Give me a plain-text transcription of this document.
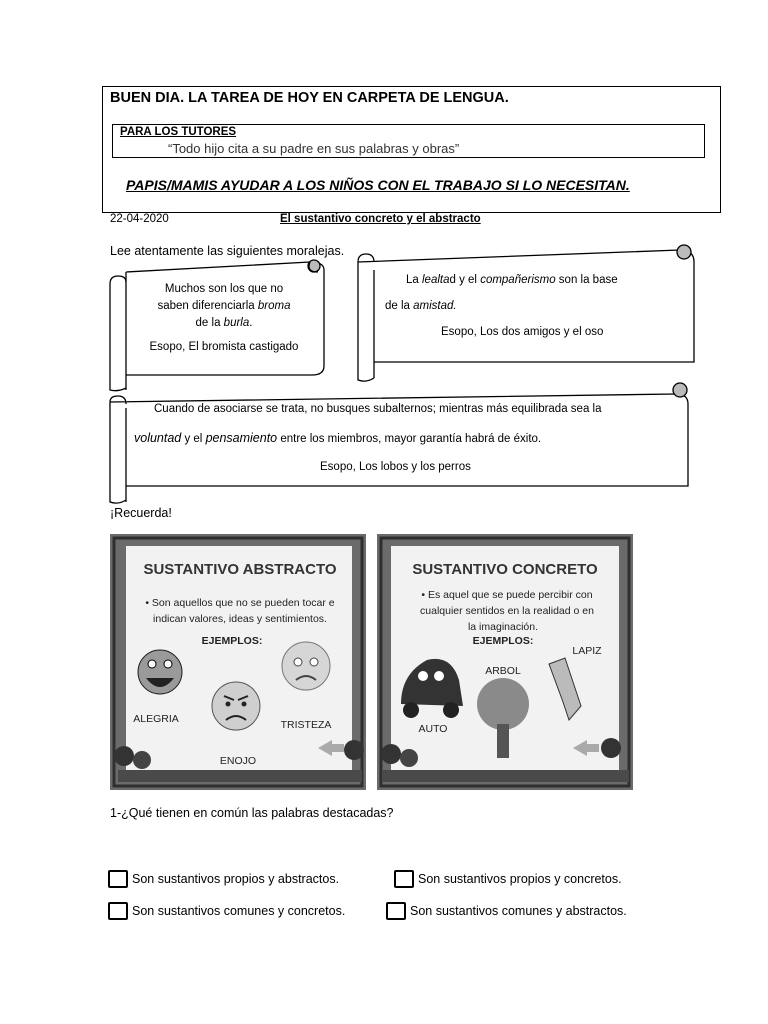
BUEN DIA. LA TAREA DE HOY EN CARPETA DE LENGUA.
PARA LOS TUTORES
“Todo hijo cita a su padre en sus palabras y obras”
PAPIS/MAMIS AYUDAR A LOS NIÑOS CON EL TRABAJO SI LO NECESITAN.
22-04-2020	El sustantivo concreto y el abstracto
Lee atentamente las siguientes moralejas.
Muchos son los que no
saben diferenciarla broma
de la burla.
Esopo, El bromista castigado
La lealtad y el compañerismo son la base
de la amistad.
Esopo, Los dos amigos y el oso
Cuando de asociarse se trata, no busques subalternos; mientras más equilibrada sea la
voluntad y el pensamiento entre los miembros, mayor garantía habrá de éxito.
Esopo, Los lobos y los perros
¡Recuerda!
SUSTANTIVO ABSTRACTO
• Son aquellos que no se pueden tocar e
indican valores, ideas y sentimientos.
EJEMPLOS:
ALEGRIA
ENOJO
TRISTEZA
SUSTANTIVO CONCRETO
• Es aquel que se puede percibir con
cualquier sentidos en la realidad o en
la imaginación.
EJEMPLOS:
AUTO
ARBOL
LAPIZ
1-¿Qué tienen en común las palabras destacadas?
Son sustantivos propios y abstractos.	Son sustantivos propios y concretos.
Son sustantivos comunes y concretos.	Son sustantivos comunes y abstractos.
